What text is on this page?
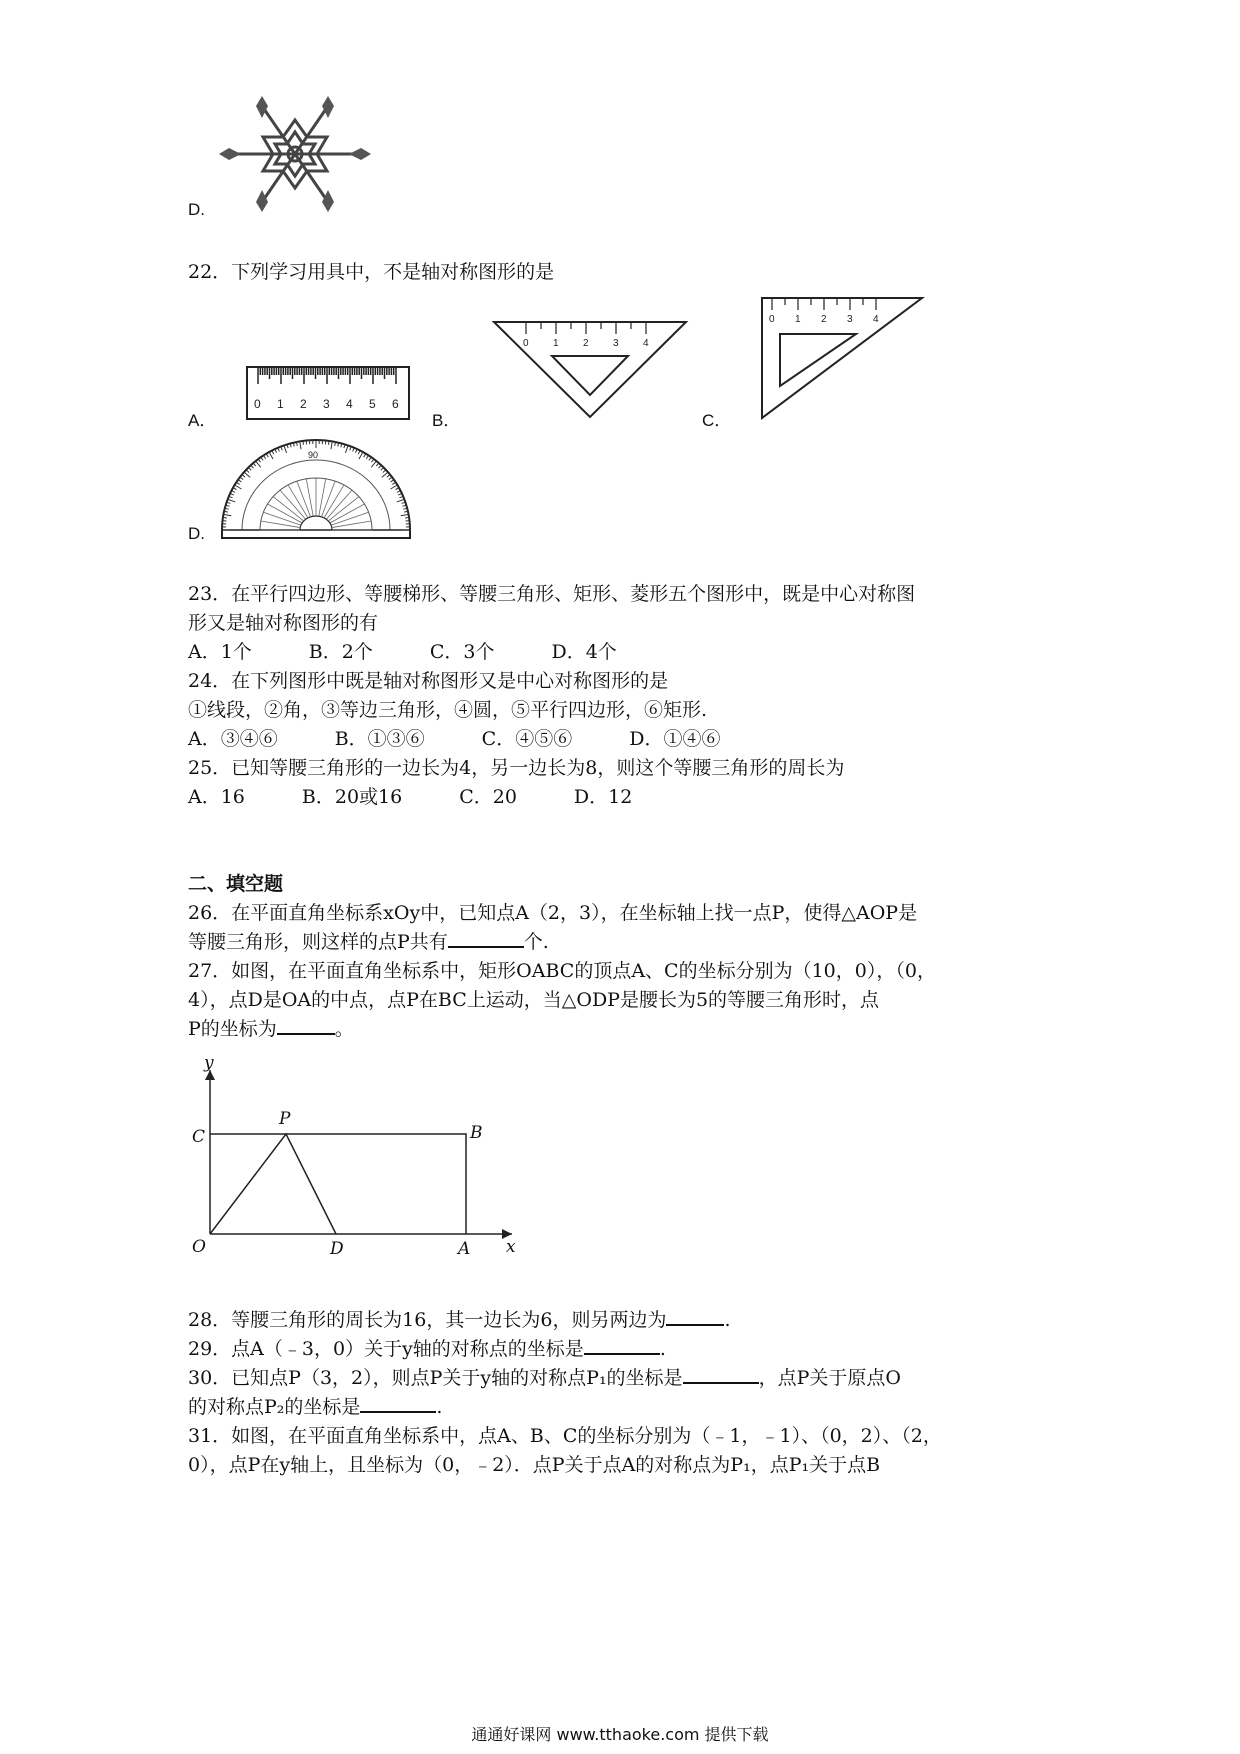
D.
22．下列学习用具中，不是轴对称图形的是
A．
0 1 2 3 4 5 6
B．
0 1 2 3 4
C．
0 1 2 3 4
D.
90
23．在平行四边形、等腰梯形、等腰三角形、矩形、菱形五个图形中，既是中心对称图
形又是轴对称图形的有
A．1个　　　B．2个　　　C．3个　　　D．4个
24．在下列图形中既是轴对称图形又是中心对称图形的是
①线段，②角，③等边三角形，④圆，⑤平行四边形，⑥矩形.
A．③④⑥　　　B．①③⑥　　　C．④⑤⑥　　　D．①④⑥
25．已知等腰三角形的一边长为4，另一边长为8，则这个等腰三角形的周长为
A．16　　　B．20或16　　　C．20　　　D．12
二、填空题
26．在平面直角坐标系xOy中，已知点A（2，3），在坐标轴上找一点P，使得△AOP是
等腰三角形，则这样的点P共有	个.
27．如图，在平面直角坐标系中，矩形OABC的顶点A、C的坐标分别为（10，0），（0，
4），点D是OA的中点，点P在BC上运动，当△ODP是腰长为5的等腰三角形时，点
P的坐标为	。
y
x
C
P
B
O	D	A
28．等腰三角形的周长为16，其一边长为6，则另两边为	.
29．点A（﹣3，0）关于y轴的对称点的坐标是	.
30．已知点P（3，2），则点P关于y轴的对称点P₁的坐标是	，点P关于原点O
的对称点P₂的坐标是	.
31．如图，在平面直角坐标系中，点A、B、C的坐标分别为（﹣1，﹣1）、（0，2）、（2，
0），点P在y轴上，且坐标为（0，﹣2）．点P关于点A的对称点为P₁，点P₁关于点B
通通好课网 www.tthaoke.com 提供下载
